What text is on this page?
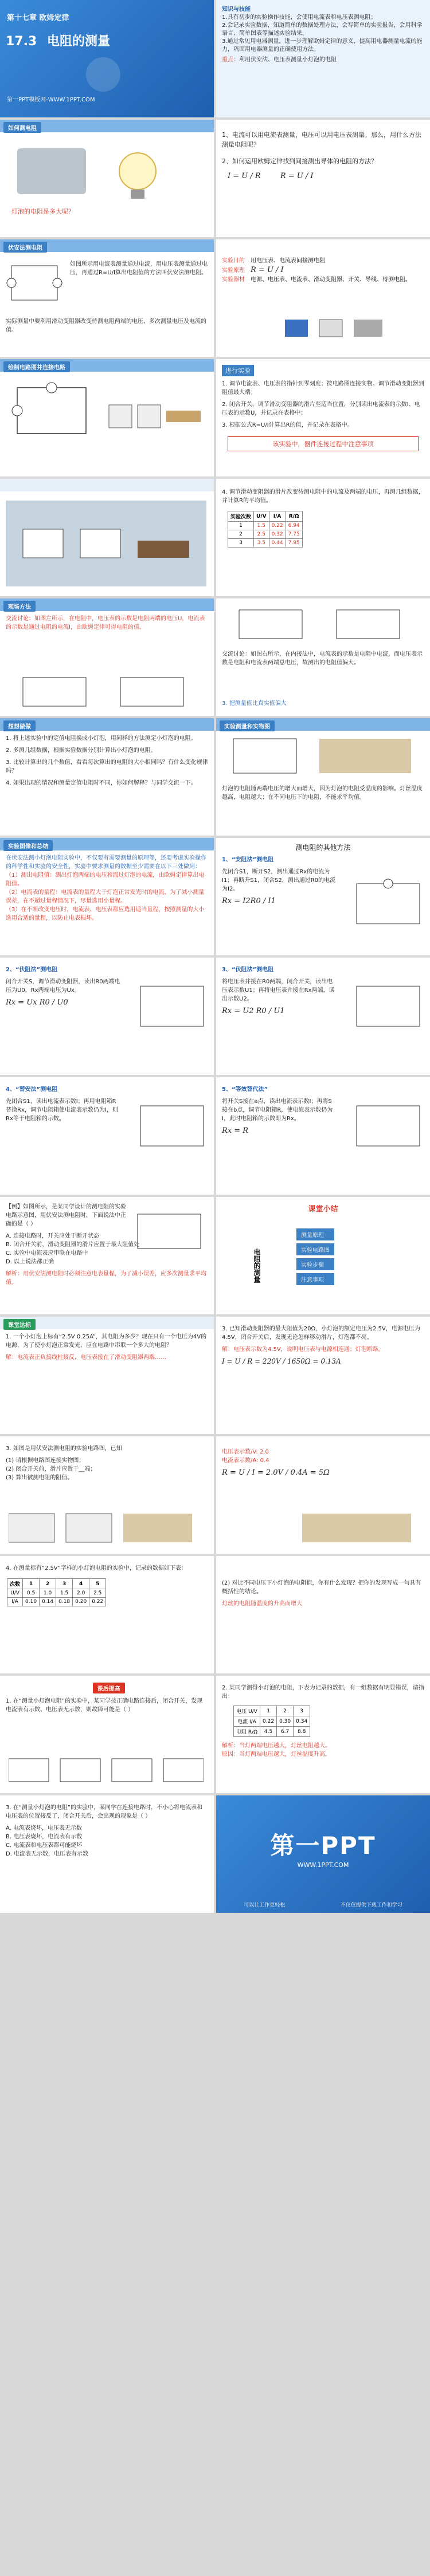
第十七章 欧姆定律
17.3 电阻的测量
第一PPT模板网-WWW.1PPT.COM
知识与技能
1.具有初步的实验操作技能，会使用电流表和电压表测电阻；
2.会记录实验数据，知道简单的数据处理方法，会写简单的实验报告，会用科学语言、简单图表等描述实验结果。
3.通过常见用电器测量，进一步理解欧姆定律的意义，提高用电器测量电流的能力，巩固用电器测量的正确使用方法。
重点：利用伏安法、电压表测量小灯泡的电阻
如何测电阻
灯泡的电阻是多大呢？
1、电流可以用电流表测量，电压可以用电压表测量。那么，用什么方法测量电阻呢？
2、如何运用欧姆定律找到间接测出导体的电阻的方法？
I = U / R	R = U / I
伏安法测电阻
如图所示用电流表测量通过电流，用电压表测量通过电压，再通过R=U/I算出电阻值的方法叫伏安法测电阻。
实际测量中要利用滑动变阻器改变待测电阻两端的电压，多次测量电压及电流的值。
实验目的　 用电压表、电流表间接测电阻
实验原理　 R = U / I
实验器材　 电源、电压表、电流表、滑动变阻器、开关、导线、待测电阻。
绘制电路图并连接电路	进行实验
1. 调节电流表、电压表的指针到零刻度；按电路图连接实物。调节滑动变阻器到阻值最大端；
2. 闭合开关，调节滑动变阻器的滑片至适当位置，分别读出电流表的示数I、电压表的示数U，并记录在表格中；
3. 根据公式R=U/I计算出R的值，并记录在表格中。
该实验中，器件连接过程中注意事项
4. 调节滑动变阻器的滑片改变待测电阻中的电流及两端的电压，再测几组数据，并计算R的平均值。
实验次数	U/V	I/A	R/Ω
1	1.5	0.22	6.94
2	2.5	0.32	7.75
3	3.5	0.44	7.95
现场方法
交流讨论：如图左所示，在电阻中，电压表的示数是电阻两端的电压U，电流表的示数是通过电阻的电流I，由欧姆定律可得电阻的值。
交流讨论：如图右所示，在内接法中，电流表的示数是电阻中电流，而电压表示数是电阻和电流表两端总电压，故测出的电阻值偏大。
3. 把测量值比真实值偏大
想想做做
1. 将上述实验中的定值电阻换成小灯泡，用同样的方法测定小灯泡的电阻。
2. 多测几组数据，根据实验数据分别计算出小灯泡的电阻。
3. 比较计算出的几个数值，看看每次算出的电阻的大小相同吗？有什么变化规律吗？
4. 如果出现的情况和测量定值电阻时不同，你如何解释？与同学交流一下。
实验测量和实物图
灯泡的电阻随两端电压的增大而增大，因为灯泡的电阻受温度的影响。灯丝温度越高，电阻越大；在不同电压下的电阻，不能求平均值。
实验图像和总结
在伏安法测小灯泡电阻实验中，不仅要有需要测量的原理等，还要考虑实验操作的科学性和实验的安全性，实验中要求测量的数据至少需要在以下三处做到：
（1）测出电阻值：测出灯泡两端的电压和流过灯泡的电流，由欧姆定律算出电阻值。
（2）电流表的量程：电流表的量程大于灯泡正常发光时的电流，为了减小测量误差，在不超过量程情况下，尽量选用小量程。
（3）在不断改变电压时，电流表、电压表都应选用适当量程，按照测量的大小选用合适的量程，以防止电表损坏。
测电阻的其他方法
1、“安阻法”测电阻
先闭合S1，断开S2，测出通过Rx的电流为I1；再断开S1，闭合S2，测出通过R0的电流为I2。
Rx = I2R0 / I1
2、“伏阻法”测电阻
闭合开关S，调节滑动变阻器，读出R0两端电压为U0，Rx两端电压为Ux。
Rx = Ux R0 / U0
3、“伏阻法”测电阻
将电压表并接在R0两端，闭合开关，读出电压表示数U1；再将电压表并接在Rx两端，读出示数U2。
Rx = U2 R0 / U1
4、“替安法”测电阻
先闭合S1，读出电流表示数I；再用电阻箱R替换Rx，调节电阻箱使电流表示数仍为I，则Rx等于电阻箱的示数。
5、“等效替代法”
将开关S接在a点，读出电流表示数I；再将S接在b点，调节电阻箱R，使电流表示数仍为I，此时电阻箱的示数即为Rx。
Rx = R
【例】如图所示，是某同学设计的测电阻的实验电路示意图，用伏安法测电阻时，下面说法中正确的是（ ）
A. 连接电路时，开关应处于断开状态
B. 闭合开关前，滑动变阻器的滑片应置于最大阻值处
C. 实验中电流表应串联在电路中
D. 以上说法都正确
解析：用伏安法测电阻时必须注意电表量程，为了减小误差，应多次测量求平均值。
课堂小结
电阻的测量
测量原理
实验电路图
实验步骤
注意事项
课堂达标
1. 一个小灯泡上标有“2.5V 0.25A”，其电阻为多少？现在只有一个电压为4V的电源，为了使小灯泡正常发光，应在电路中串联一个多大的电阻？
解：电流表正负接线柱接反，电压表接在了滑动变阻器两端……
3. 已知滑动变阻器的最大阻值为20Ω，小灯泡的额定电压为2.5V，电源电压为4.5V，闭合开关后，发现无论怎样移动滑片，灯泡都不亮。
解：电压表示数为4.5V，说明电压表与电源相连通；灯泡断路。
I = U / R = 220V / 1650Ω = 0.13A
3. 如图是用伏安法测电阻的实验电路图，已知
(1) 请根据电路图连接实物图；
(2) 闭合开关前，滑片应置于__端；
(3) 算出被测电阻的阻值。
电压表示数/V: 2.0
电流表示数/A: 0.4
R = U / I = 2.0V / 0.4A = 5Ω
4. 在测量标有“2.5V”字样的小灯泡电阻的实验中，记录的数据如下表：
次数	1	2	3	4	5
U/V	0.5	1.0	1.5	2.0	2.5
I/A	0.10	0.14	0.18	0.20	0.22
(2) 对比不同电压下小灯泡的电阻值，你有什么发现？把你的发现写成一句具有概括性的结论。
灯丝的电阻随温度的升高而增大
课后提高
1. 在“测量小灯泡电阻”的实验中，某同学按正确电路连接后，闭合开关，发现电流表有示数、电压表无示数，则故障可能是（ ）
2. 某同学测得小灯泡的电阻，下表为记录的数据，有一组数据有明显错误，请指出：
电压 U/V	1	2	3
电流 I/A	0.22	0.30	0.34
电阻 R/Ω	4.5	6.7	8.8
解析：当灯两端电压越大，灯丝电阻越大。
原因：当灯两端电压越大，灯丝温度升高。
3. 在“测量小灯泡的电阻”的实验中，某同学在连接电路时，不小心将电流表和电压表的位置接反了，闭合开关后，会出现的现象是（ ）
A. 电流表烧坏，电压表无示数
B. 电压表烧坏，电流表有示数
C. 电流表和电压表都可能烧坏
D. 电流表无示数，电压表有示数	第一PPT
WWW.1PPT.COM
可以让工作更轻松	不仅仅提供下载工作和学习
